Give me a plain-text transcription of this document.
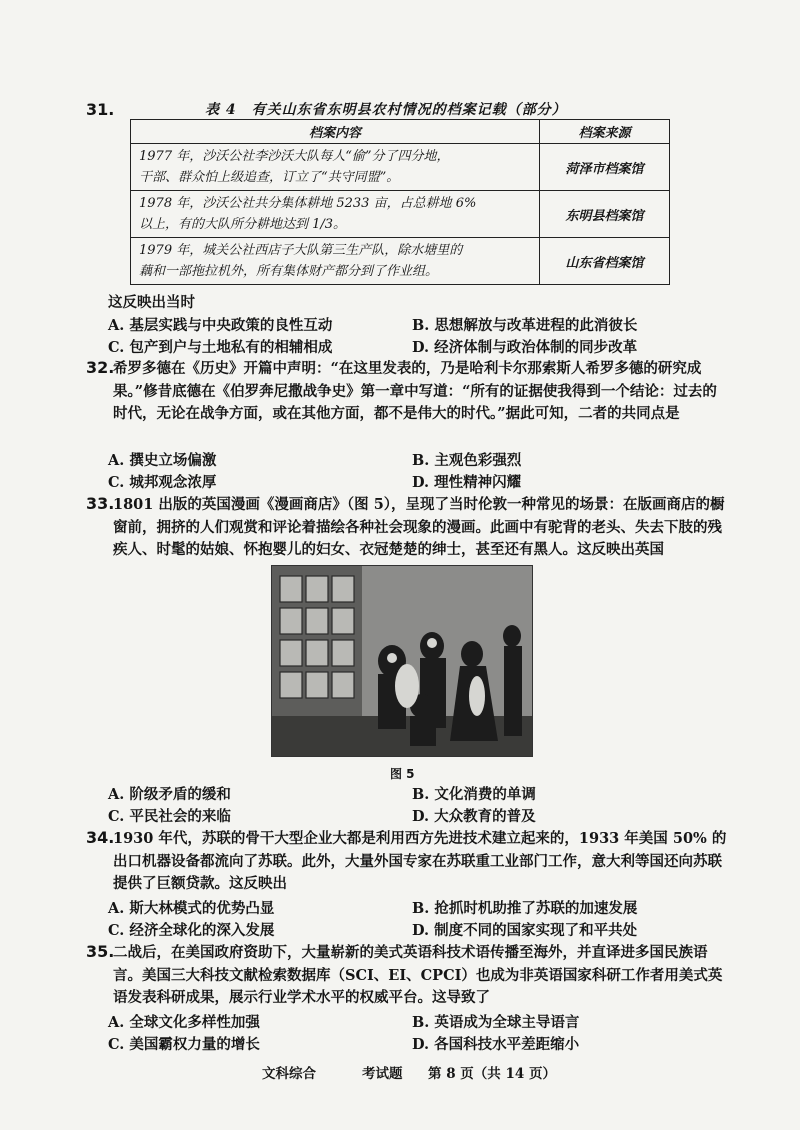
31.	表 4　有关山东省东明县农村情况的档案记载（部分）
档案内容	档案来源

1977 年，沙沃公社李沙沃大队每人“偷”分了四分地，
干部、群众怕上级追查，订立了“共守同盟”。	菏泽市档案馆

1978 年，沙沃公社共分集体耕地 5233 亩，占总耕地 6%
以上，有的大队所分耕地达到 1/3。	东明县档案馆

1979 年，城关公社西店子大队第三生产队，除水塘里的
藕和一部拖拉机外，所有集体财产都分到了作业组。	山东省档案馆
这反映出当时
A. 基层实践与中央政策的良性互动	B. 思想解放与改革进程的此消彼长
C. 包产到户与土地私有的相辅相成	D. 经济体制与政治体制的同步改革
32.
希罗多德在《历史》开篇中声明：“在这里发表的，乃是哈利卡尔那索斯人希罗多德的研究成果。”修昔底德在《伯罗奔尼撒战争史》第一章中写道：“所有的证据使我得到一个结论：过去的时代，无论在战争方面，或在其他方面，都不是伟大的时代。”据此可知，二者的共同点是
A. 撰史立场偏激	B. 主观色彩强烈
C. 城邦观念浓厚	D. 理性精神闪耀
33.
1801 出版的英国漫画《漫画商店》（图 5），呈现了当时伦敦一种常见的场景：在版画商店的橱窗前，拥挤的人们观赏和评论着描绘各种社会现象的漫画。此画中有驼背的老头、失去下肢的残疾人、时髦的姑娘、怀抱婴儿的妇女、衣冠楚楚的绅士，甚至还有黑人。这反映出英国
图 5
A. 阶级矛盾的缓和	B. 文化消费的单调
C. 平民社会的来临	D. 大众教育的普及
34.
1930 年代，苏联的骨干大型企业大都是利用西方先进技术建立起来的，1933 年美国 50% 的出口机器设备都流向了苏联。此外，大量外国专家在苏联重工业部门工作，意大利等国还向苏联提供了巨额贷款。这反映出
A. 斯大林模式的优势凸显	B. 抢抓时机助推了苏联的加速发展
C. 经济全球化的深入发展	D. 制度不同的国家实现了和平共处
35.
二战后，在美国政府资助下，大量崭新的美式英语科技术语传播至海外，并直译进多国民族语言。美国三大科技文献检索数据库（SCI、EI、CPCI）也成为非英语国家科研工作者用美式英语发表科研成果，展示行业学术水平的权威平台。这导致了
A. 全球文化多样性加强	B. 英语成为全球主导语言
C. 美国霸权力量的增长	D. 各国科技水平差距缩小
文科综合	考试题 第 8 页（共 14 页）
